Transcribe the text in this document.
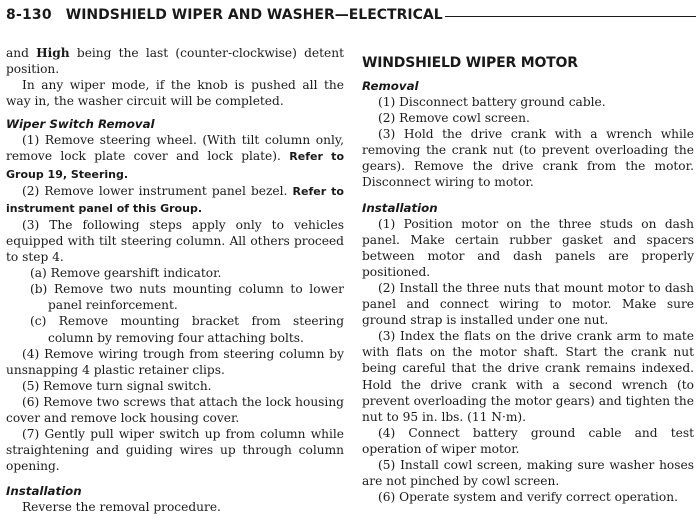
8-130 WINDSHIELD WIPER AND WASHER—ELECTRICAL

and High being the last (counter-clockwise) detent position.

In any wiper mode, if the knob is pushed all the way in, the washer circuit will be completed.

Wiper Switch Removal

(1) Remove steering wheel. (With tilt column only, remove lock plate cover and lock plate). Refer to Group 19, Steering.

(2) Remove lower instrument panel bezel. Refer to instrument panel of this Group.

(3) The following steps apply only to vehicles equipped with tilt steering column. All others proceed to step 4.

(a) Remove gearshift indicator.

(b) Remove two nuts mounting column to lower panel reinforcement.

(c) Remove mounting bracket from steering column by removing four attaching bolts.

(4) Remove wiring trough from steering column by unsnapping 4 plastic retainer clips.

(5) Remove turn signal switch.

(6) Remove two screws that attach the lock housing cover and remove lock housing cover.

(7) Gently pull wiper switch up from column while straightening and guiding wires up through column opening.

Installation

Reverse the removal procedure.

WINDSHIELD WIPER MOTOR
Removal

(1) Disconnect battery ground cable.

(2) Remove cowl screen.

(3) Hold the drive crank with a wrench while removing the crank nut (to prevent overloading the gears). Remove the drive crank from the motor. Disconnect wiring to motor.

Installation

(1) Position motor on the three studs on dash panel. Make certain rubber gasket and spacers between motor and dash panels are properly positioned.

(2) Install the three nuts that mount motor to dash panel and connect wiring to motor. Make sure ground strap is installed under one nut.

(3) Index the flats on the drive crank arm to mate with flats on the motor shaft. Start the crank nut being careful that the drive crank remains indexed. Hold the drive crank with a second wrench (to prevent overloading the motor gears) and tighten the nut to 95 in. lbs. (11 N·m).

(4) Connect battery ground cable and test operation of wiper motor.

(5) Install cowl screen, making sure washer hoses are not pinched by cowl screen.

(6) Operate system and verify correct operation.
